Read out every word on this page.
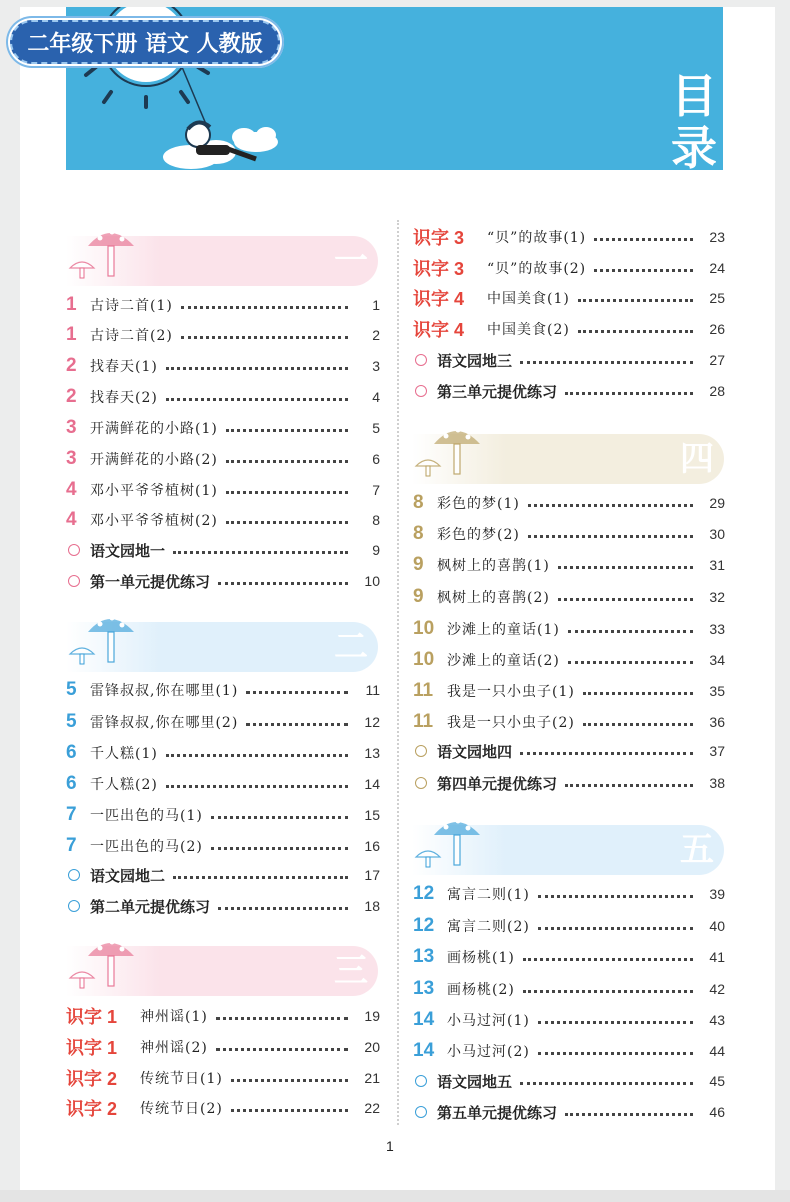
二年级下册 语文 人教版
目
录
一
二
三
四
五
1 古诗二首(1)	1
1 古诗二首(2)	2
2 找春天(1)	3
2 找春天(2)	4
3 开满鲜花的小路(1)	5
3 开满鲜花的小路(2)	6
4 邓小平爷爷植树(1)	7
4 邓小平爷爷植树(2)	8
语文园地一	9
第一单元提优练习	10
5 雷锋叔叔,你在哪里(1)	11
5 雷锋叔叔,你在哪里(2)	12
6 千人糕(1)	13
6 千人糕(2)	14
7 一匹出色的马(1)	15
7 一匹出色的马(2)	16
语文园地二	17
第二单元提优练习	18
识字 1	神州谣(1)	19
识字 1	神州谣(2)	20
识字 2	传统节日(1)	21
识字 2	传统节日(2)	22
识字 3	“贝”的故事(1)	23
识字 3	“贝”的故事(2)	24
识字 4	中国美食(1)	25
识字 4	中国美食(2)	26
语文园地三	27
第三单元提优练习	28
8 彩色的梦(1)	29
8 彩色的梦(2)	30
9 枫树上的喜鹊(1)	31
9 枫树上的喜鹊(2)	32
10 沙滩上的童话(1)	33
10 沙滩上的童话(2)	34
11 我是一只小虫子(1)	35
11 我是一只小虫子(2)	36
语文园地四	37
第四单元提优练习	38
12 寓言二则(1)	39
12 寓言二则(2)	40
13 画杨桃(1)	41
13 画杨桃(2)	42
14 小马过河(1)	43
14 小马过河(2)	44
语文园地五	45
第五单元提优练习	46
1
